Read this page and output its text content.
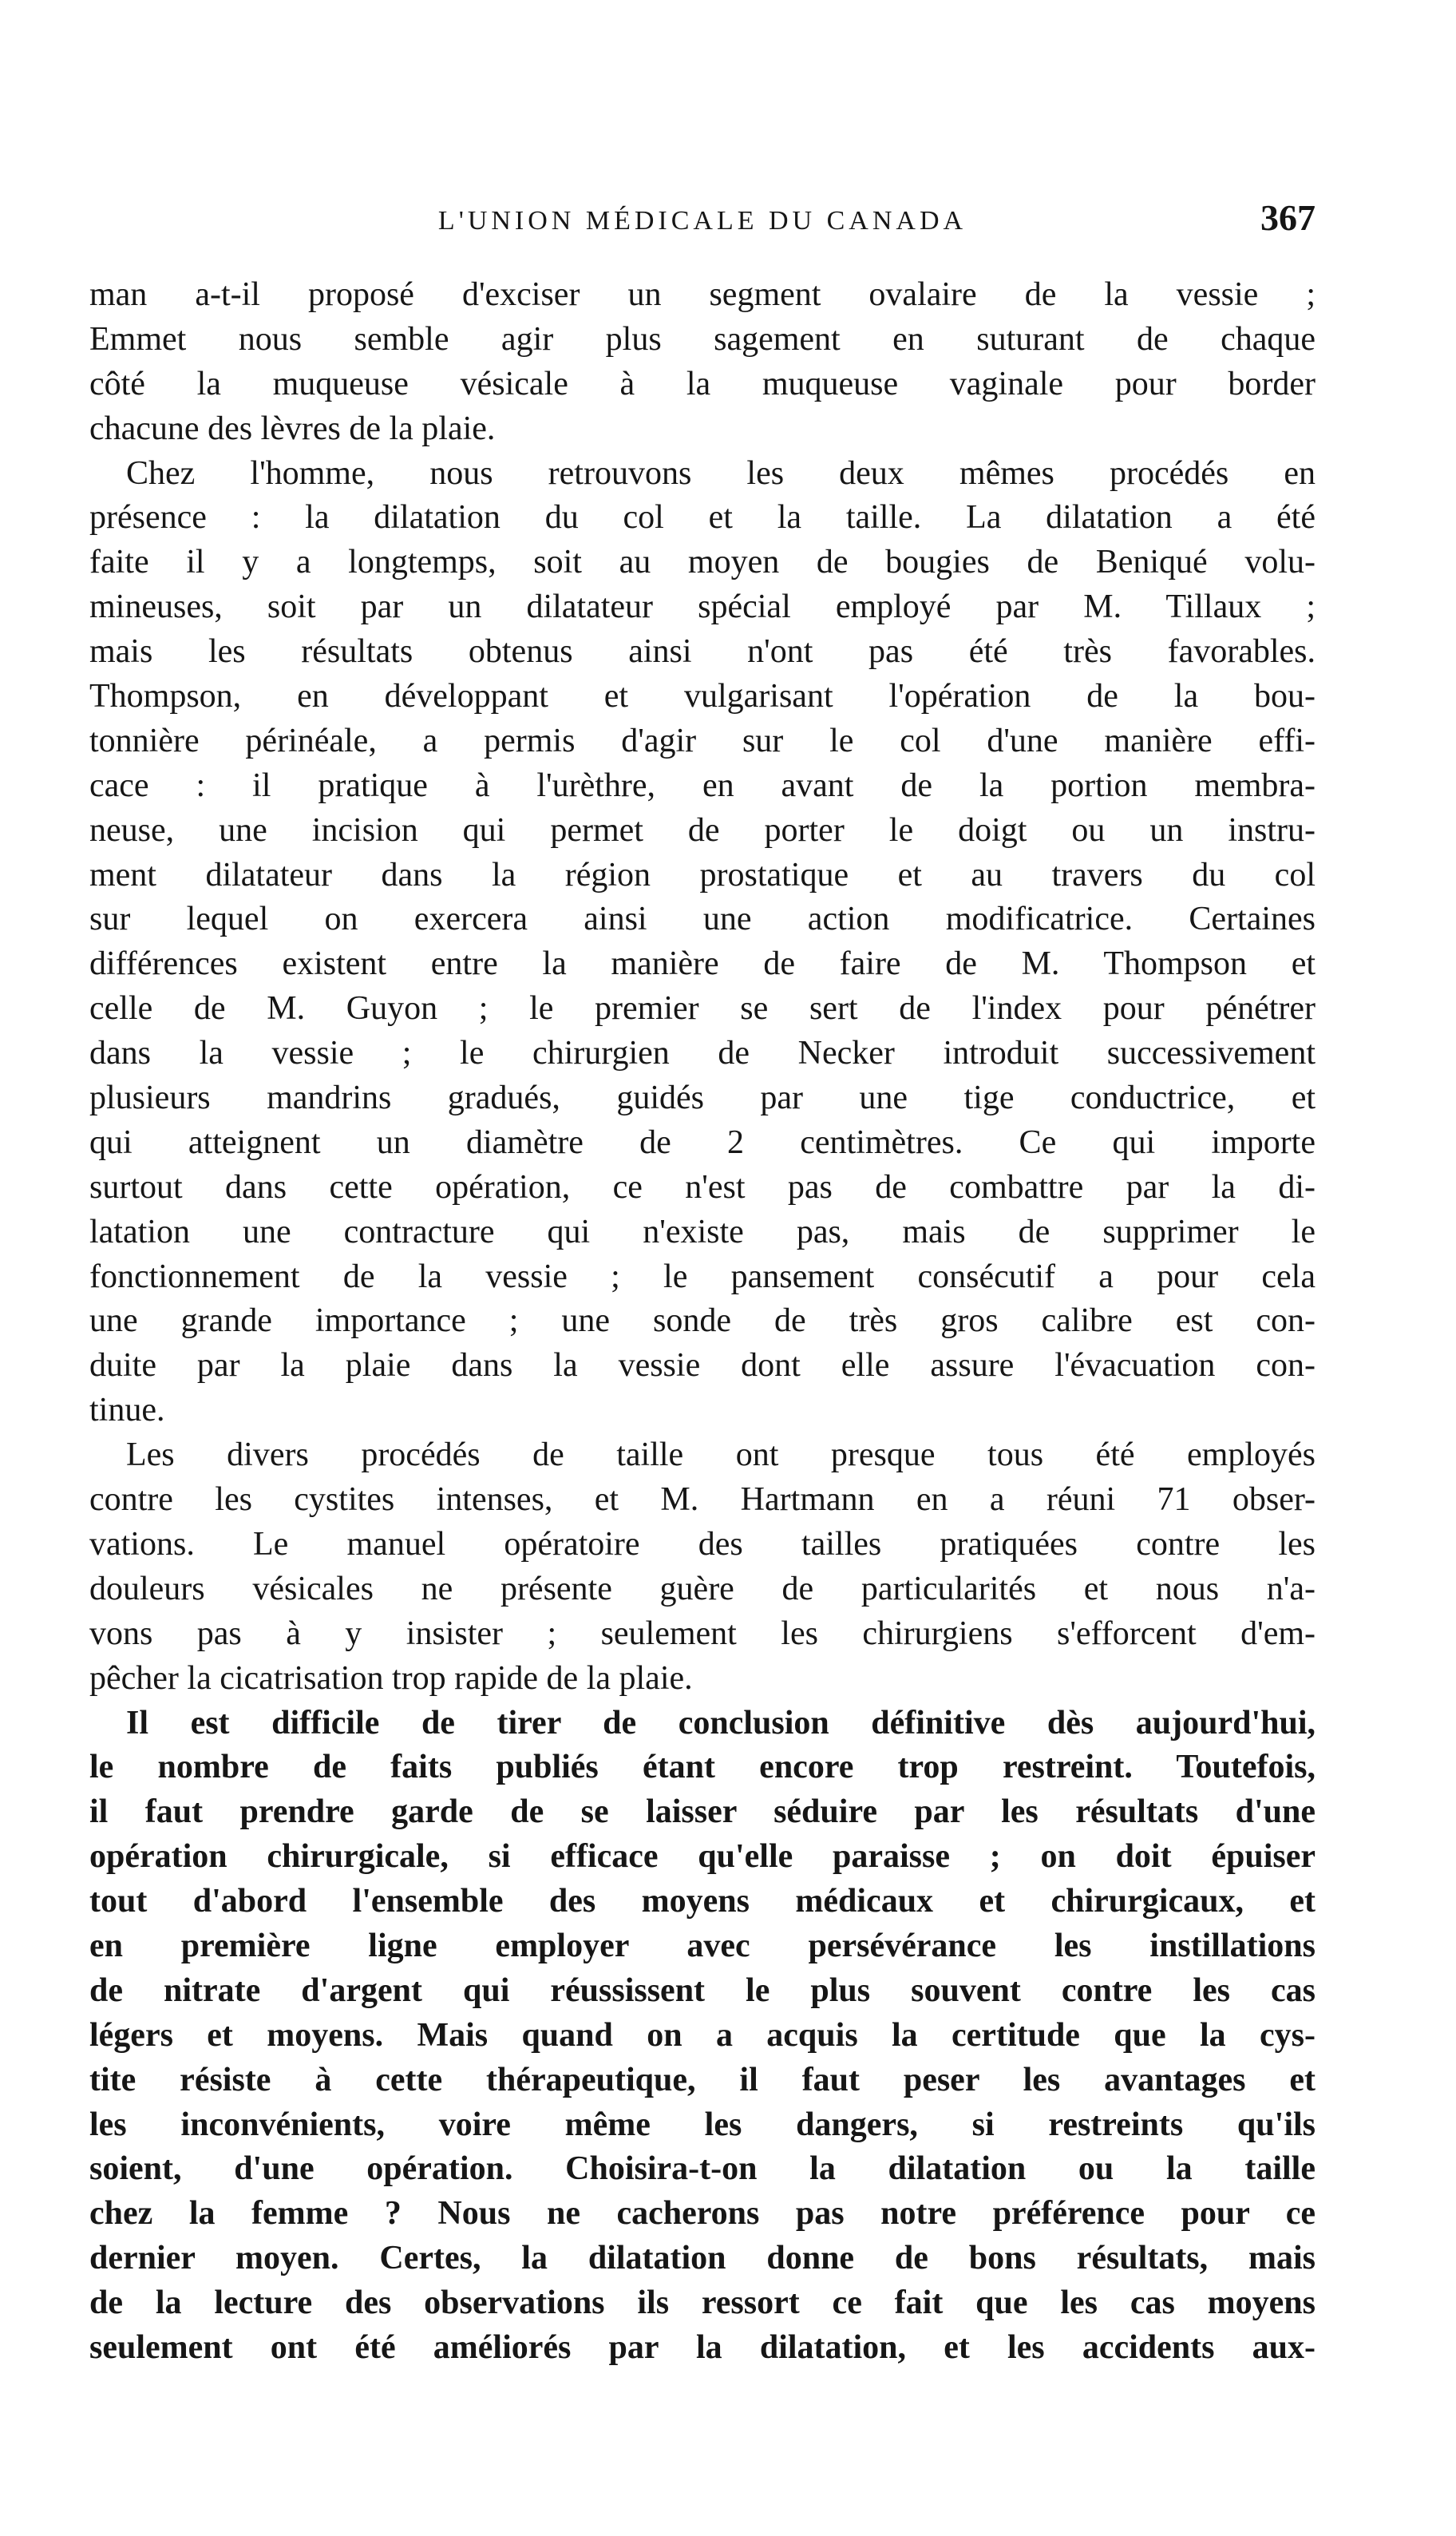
L'UNION MÉDICALE DU CANADA	367
man a-t-il proposé d'exciser un segment ovalaire de la vessie ;
Emmet nous semble agir plus sagement en suturant de chaque
côté la muqueuse vésicale à la muqueuse vaginale pour border
chacune des lèvres de la plaie.
Chez l'homme, nous retrouvons les deux mêmes procédés en
présence : la dilatation du col et la taille. La dilatation a été
faite il y a longtemps, soit au moyen de bougies de Beniqué volu-
mineuses, soit par un dilatateur spécial employé par M. Tillaux ;
mais les résultats obtenus ainsi n'ont pas été très favorables.
Thompson, en développant et vulgarisant l'opération de la bou-
tonnière périnéale, a permis d'agir sur le col d'une manière effi-
cace : il pratique à l'urèthre, en avant de la portion membra-
neuse, une incision qui permet de porter le doigt ou un instru-
ment dilatateur dans la région prostatique et au travers du col
sur lequel on exercera ainsi une action modificatrice. Certaines
différences existent entre la manière de faire de M. Thompson et
celle de M. Guyon ; le premier se sert de l'index pour pénétrer
dans la vessie ; le chirurgien de Necker introduit successivement
plusieurs mandrins gradués, guidés par une tige conductrice, et
qui atteignent un diamètre de 2 centimètres. Ce qui importe
surtout dans cette opération, ce n'est pas de combattre par la di-
latation une contracture qui n'existe pas, mais de supprimer le
fonctionnement de la vessie ; le pansement consécutif a pour cela
une grande importance ; une sonde de très gros calibre est con-
duite par la plaie dans la vessie dont elle assure l'évacuation con-
tinue.
Les divers procédés de taille ont presque tous été employés
contre les cystites intenses, et M. Hartmann en a réuni 71 obser-
vations. Le manuel opératoire des tailles pratiquées contre les
douleurs vésicales ne présente guère de particularités et nous n'a-
vons pas à y insister ; seulement les chirurgiens s'efforcent d'em-
pêcher la cicatrisation trop rapide de la plaie.
Il est difficile de tirer de conclusion définitive dès aujourd'hui,
le nombre de faits publiés étant encore trop restreint. Toutefois,
il faut prendre garde de se laisser séduire par les résultats d'une
opération chirurgicale, si efficace qu'elle paraisse ; on doit épuiser
tout d'abord l'ensemble des moyens médicaux et chirurgicaux, et
en première ligne employer avec persévérance les instillations
de nitrate d'argent qui réussissent le plus souvent contre les cas
légers et moyens. Mais quand on a acquis la certitude que la cys-
tite résiste à cette thérapeutique, il faut peser les avantages et
les inconvénients, voire même les dangers, si restreints qu'ils
soient, d'une opération. Choisira-t-on la dilatation ou la taille
chez la femme ? Nous ne cacherons pas notre préférence pour ce
dernier moyen. Certes, la dilatation donne de bons résultats, mais
de la lecture des observations ils ressort ce fait que les cas moyens
seulement ont été améliorés par la dilatation, et les accidents aux-
